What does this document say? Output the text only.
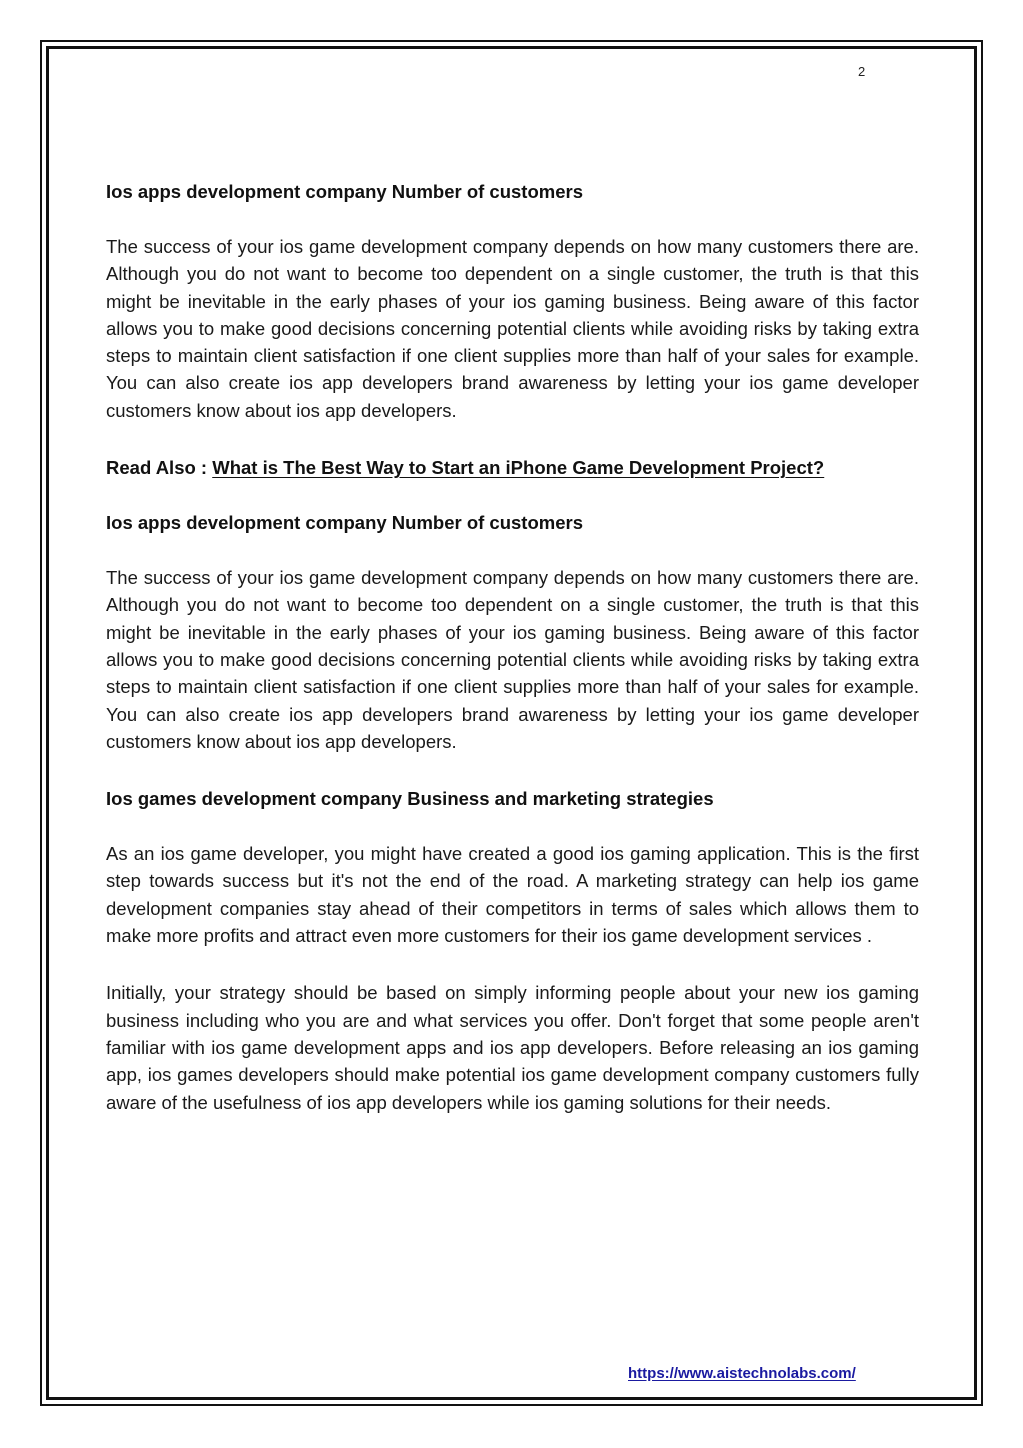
2
Ios apps development company Number of customers
The success of your ios game development company depends on how many customers there are. Although you do not want to become too dependent on a single customer, the truth is that this might be inevitable in the early phases of your ios gaming business. Being aware of this factor allows you to make good decisions concerning potential clients while avoiding risks by taking extra steps to maintain client satisfaction if one client supplies more than half of your sales for example. You can also create ios app developers brand awareness by letting your ios game developer customers know about ios app developers.
Read Also : What is The Best Way to Start an iPhone Game Development Project?
Ios apps development company Number of customers
The success of your ios game development company depends on how many customers there are. Although you do not want to become too dependent on a single customer, the truth is that this might be inevitable in the early phases of your ios gaming business. Being aware of this factor allows you to make good decisions concerning potential clients while avoiding risks by taking extra steps to maintain client satisfaction if one client supplies more than half of your sales for example. You can also create ios app developers brand awareness by letting your ios game developer customers know about ios app developers.
Ios games development company Business and marketing strategies
As an ios game developer, you might have created a good ios gaming application. This is the first step towards success but it's not the end of the road. A marketing strategy can help ios game development companies stay ahead of their competitors in terms of sales which allows them to make more profits and attract even more customers for their ios game development services .
Initially, your strategy should be based on simply informing people about your new ios gaming business including who you are and what services you offer. Don't forget that some people aren't familiar with ios game development apps and ios app developers. Before releasing an ios gaming app, ios games developers should make potential ios game development company customers fully aware of the usefulness of ios app developers while ios gaming solutions for their needs.
https://www.aistechnolabs.com/
